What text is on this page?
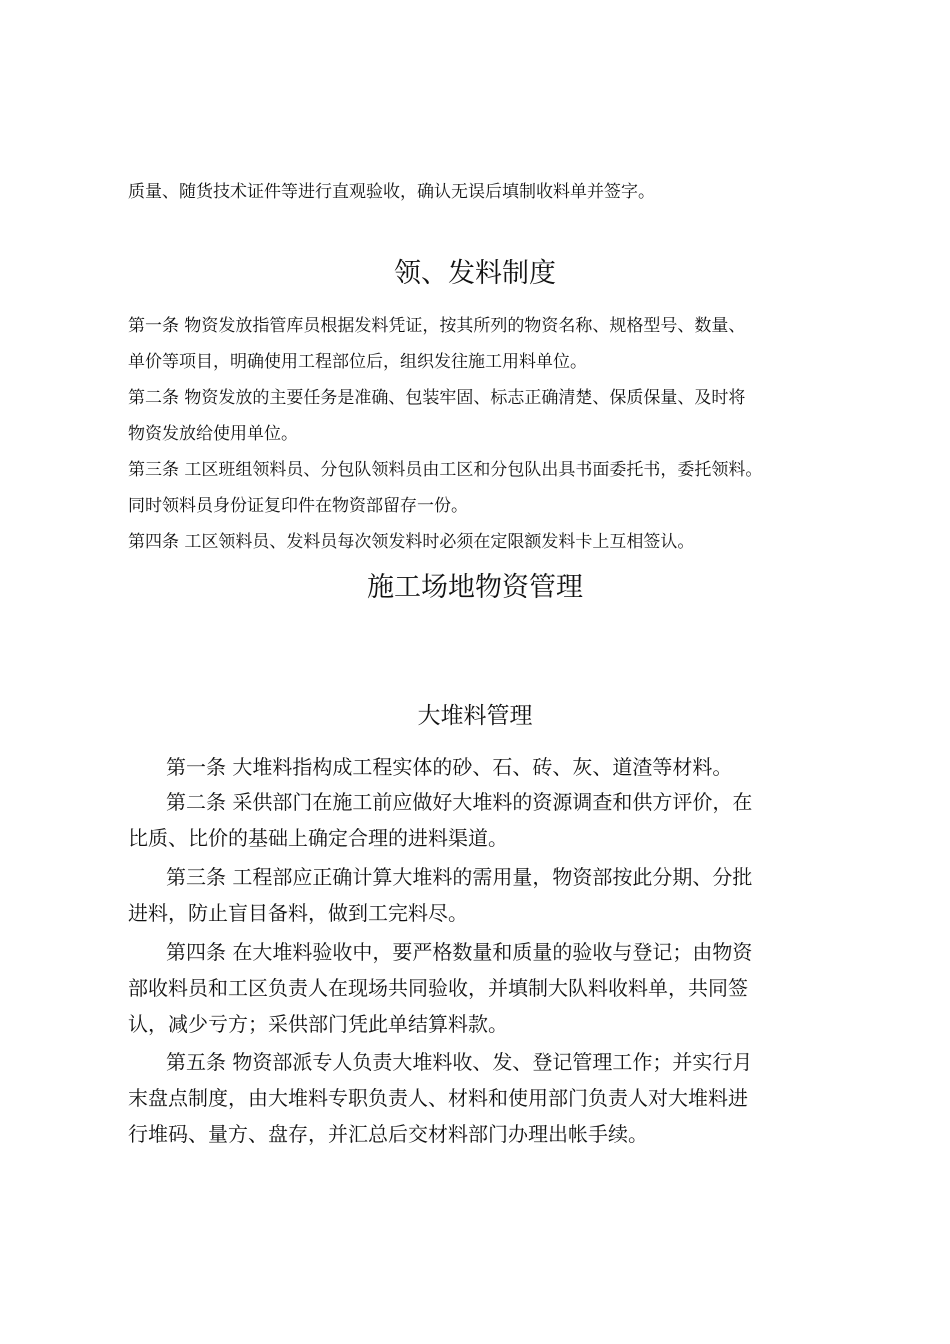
质量、随货技术证件等进行直观验收，确认无误后填制收料单并签字。
领、发料制度
第一条 物资发放指管库员根据发料凭证，按其所列的物资名称、规格型号、数量、
单价等项目，明确使用工程部位后，组织发往施工用料单位。
第二条 物资发放的主要任务是准确、包装牢固、标志正确清楚、保质保量、及时将
物资发放给使用单位。
第三条 工区班组领料员、分包队领料员由工区和分包队出具书面委托书，委托领料。
同时领料员身份证复印件在物资部留存一份。
第四条 工区领料员、发料员每次领发料时必须在定限额发料卡上互相签认。
施工场地物资管理
大堆料管理
第一条 大堆料指构成工程实体的砂、石、砖、灰、道渣等材料。
第二条 采供部门在施工前应做好大堆料的资源调查和供方评价，在
比质、比价的基础上确定合理的进料渠道。
第三条 工程部应正确计算大堆料的需用量，物资部按此分期、分批
进料，防止盲目备料，做到工完料尽。
第四条 在大堆料验收中，要严格数量和质量的验收与登记；由物资
部收料员和工区负责人在现场共同验收，并填制大队料收料单，共同签
认，减少亏方；采供部门凭此单结算料款。
第五条 物资部派专人负责大堆料收、发、登记管理工作；并实行月
末盘点制度，由大堆料专职负责人、材料和使用部门负责人对大堆料进
行堆码、量方、盘存，并汇总后交材料部门办理出帐手续。
